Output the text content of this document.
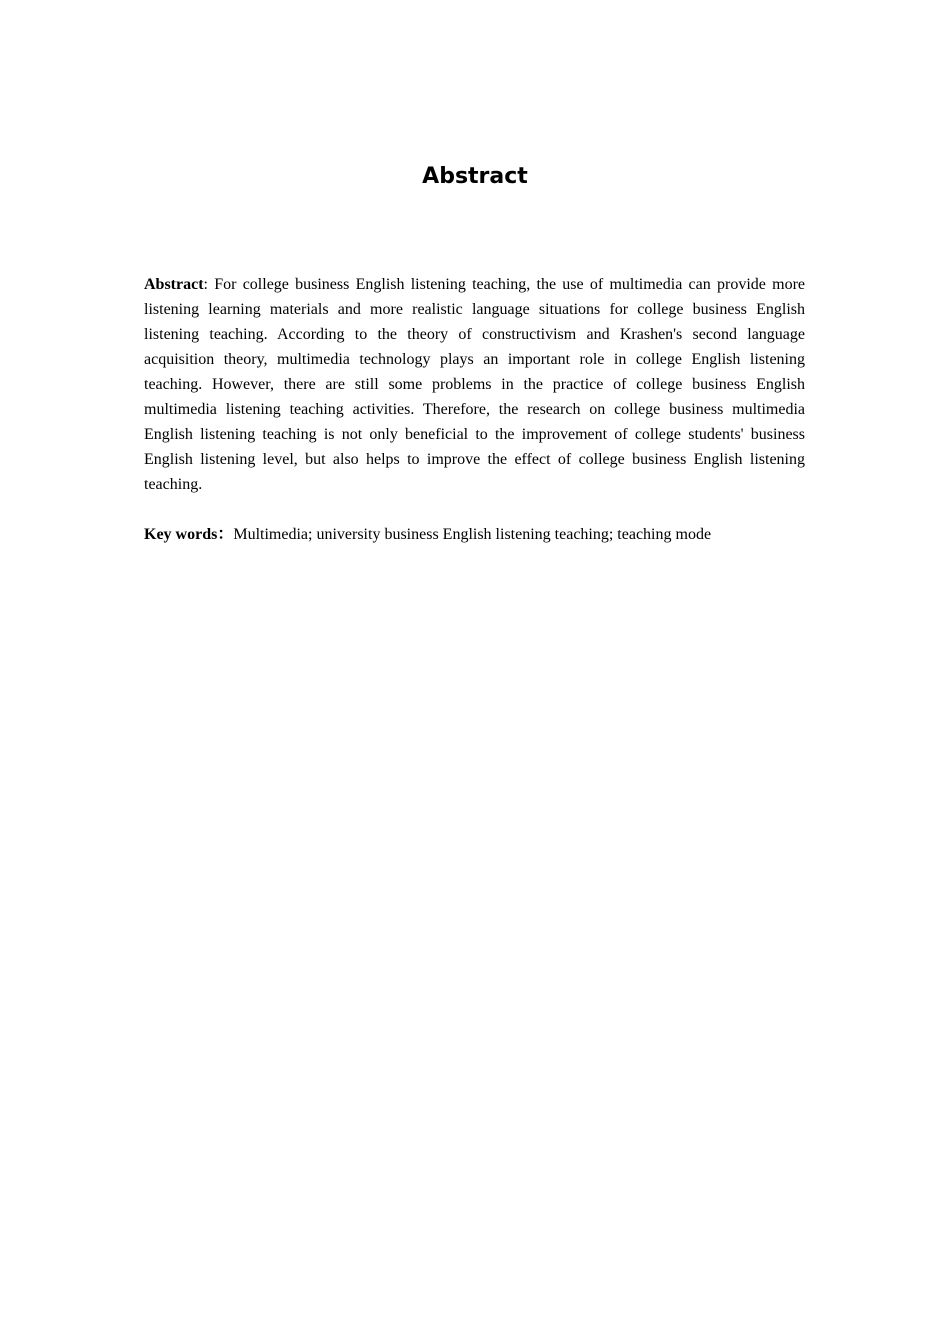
Abstract

Abstract: For college business English listening teaching, the use of multimedia can provide more listening learning materials and more realistic language situations for college business English listening teaching. According to the theory of constructivism and Krashen's second language acquisition theory, multimedia technology plays an important role in college English listening teaching. However, there are still some problems in the practice of college business English multimedia listening teaching activities. Therefore, the research on college business multimedia English listening teaching is not only beneficial to the improvement of college students' business English listening level, but also helps to improve the effect of college business English listening teaching.

Key words：Multimedia; university business English listening teaching; teaching mode
